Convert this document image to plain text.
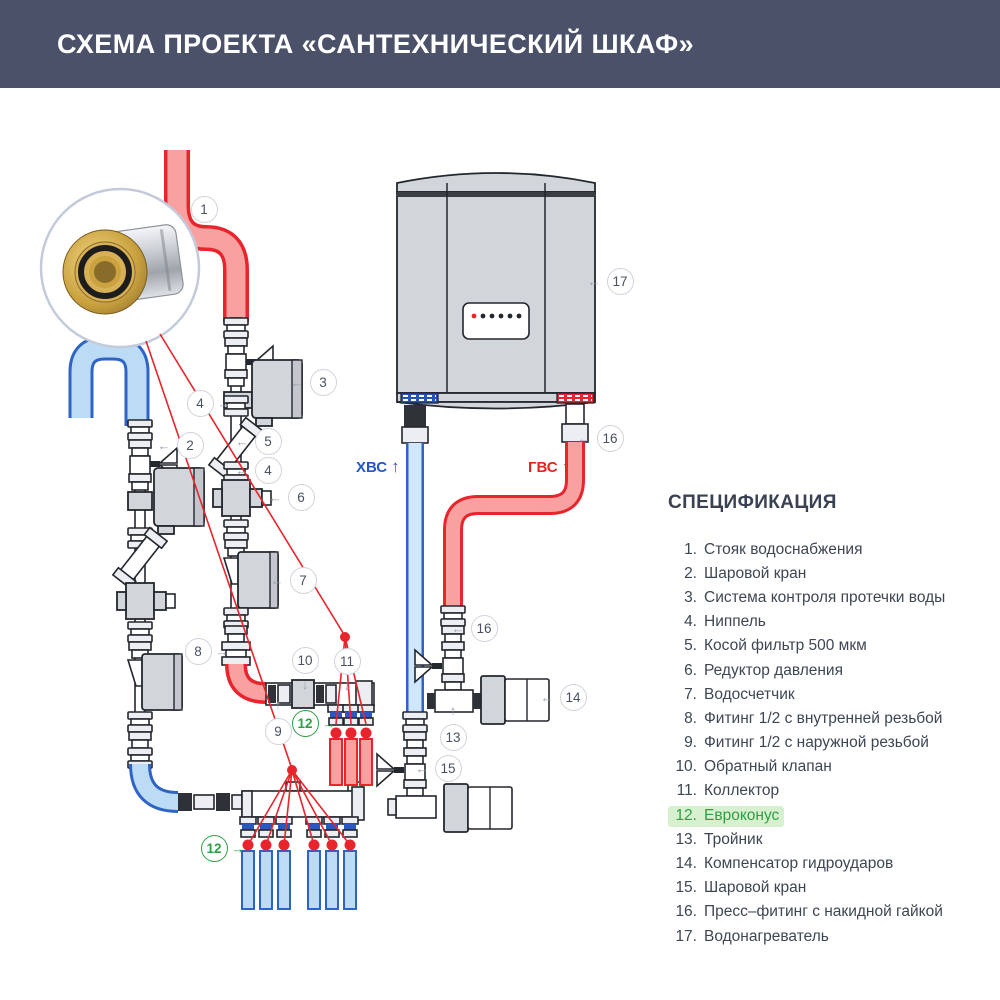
СХЕМА ПРОЕКТА «САНТЕХНИЧЕСКИЙ ШКАФ»
ХВС ↑	ГВС ↑
1
2
←
3
←
4	→
5
←
4
←
6
←
7
←
8	→
9
↑
10
↓
11
↓
12 →
13
↑
14
←
15
←
16
←
16
←
17
←
12 →
СПЕЦИФИКАЦИЯ
1. Стояк водоснабжения
2. Шаровой кран
3. Система контроля протечки воды
4. Ниппель
5. Косой фильтр 500 мкм
6. Редуктор давления
7. Водосчетчик
8. Фитинг 1/2 с внутренней резьбой
9. Фитинг 1/2 с наружной резьбой
10. Обратный клапан
11. Коллектор
12. Евроконус
13. Тройник
14. Компенсатор гидроударов
15. Шаровой кран
16. Пресс–фитинг с накидной гайкой
17. Водонагреватель
